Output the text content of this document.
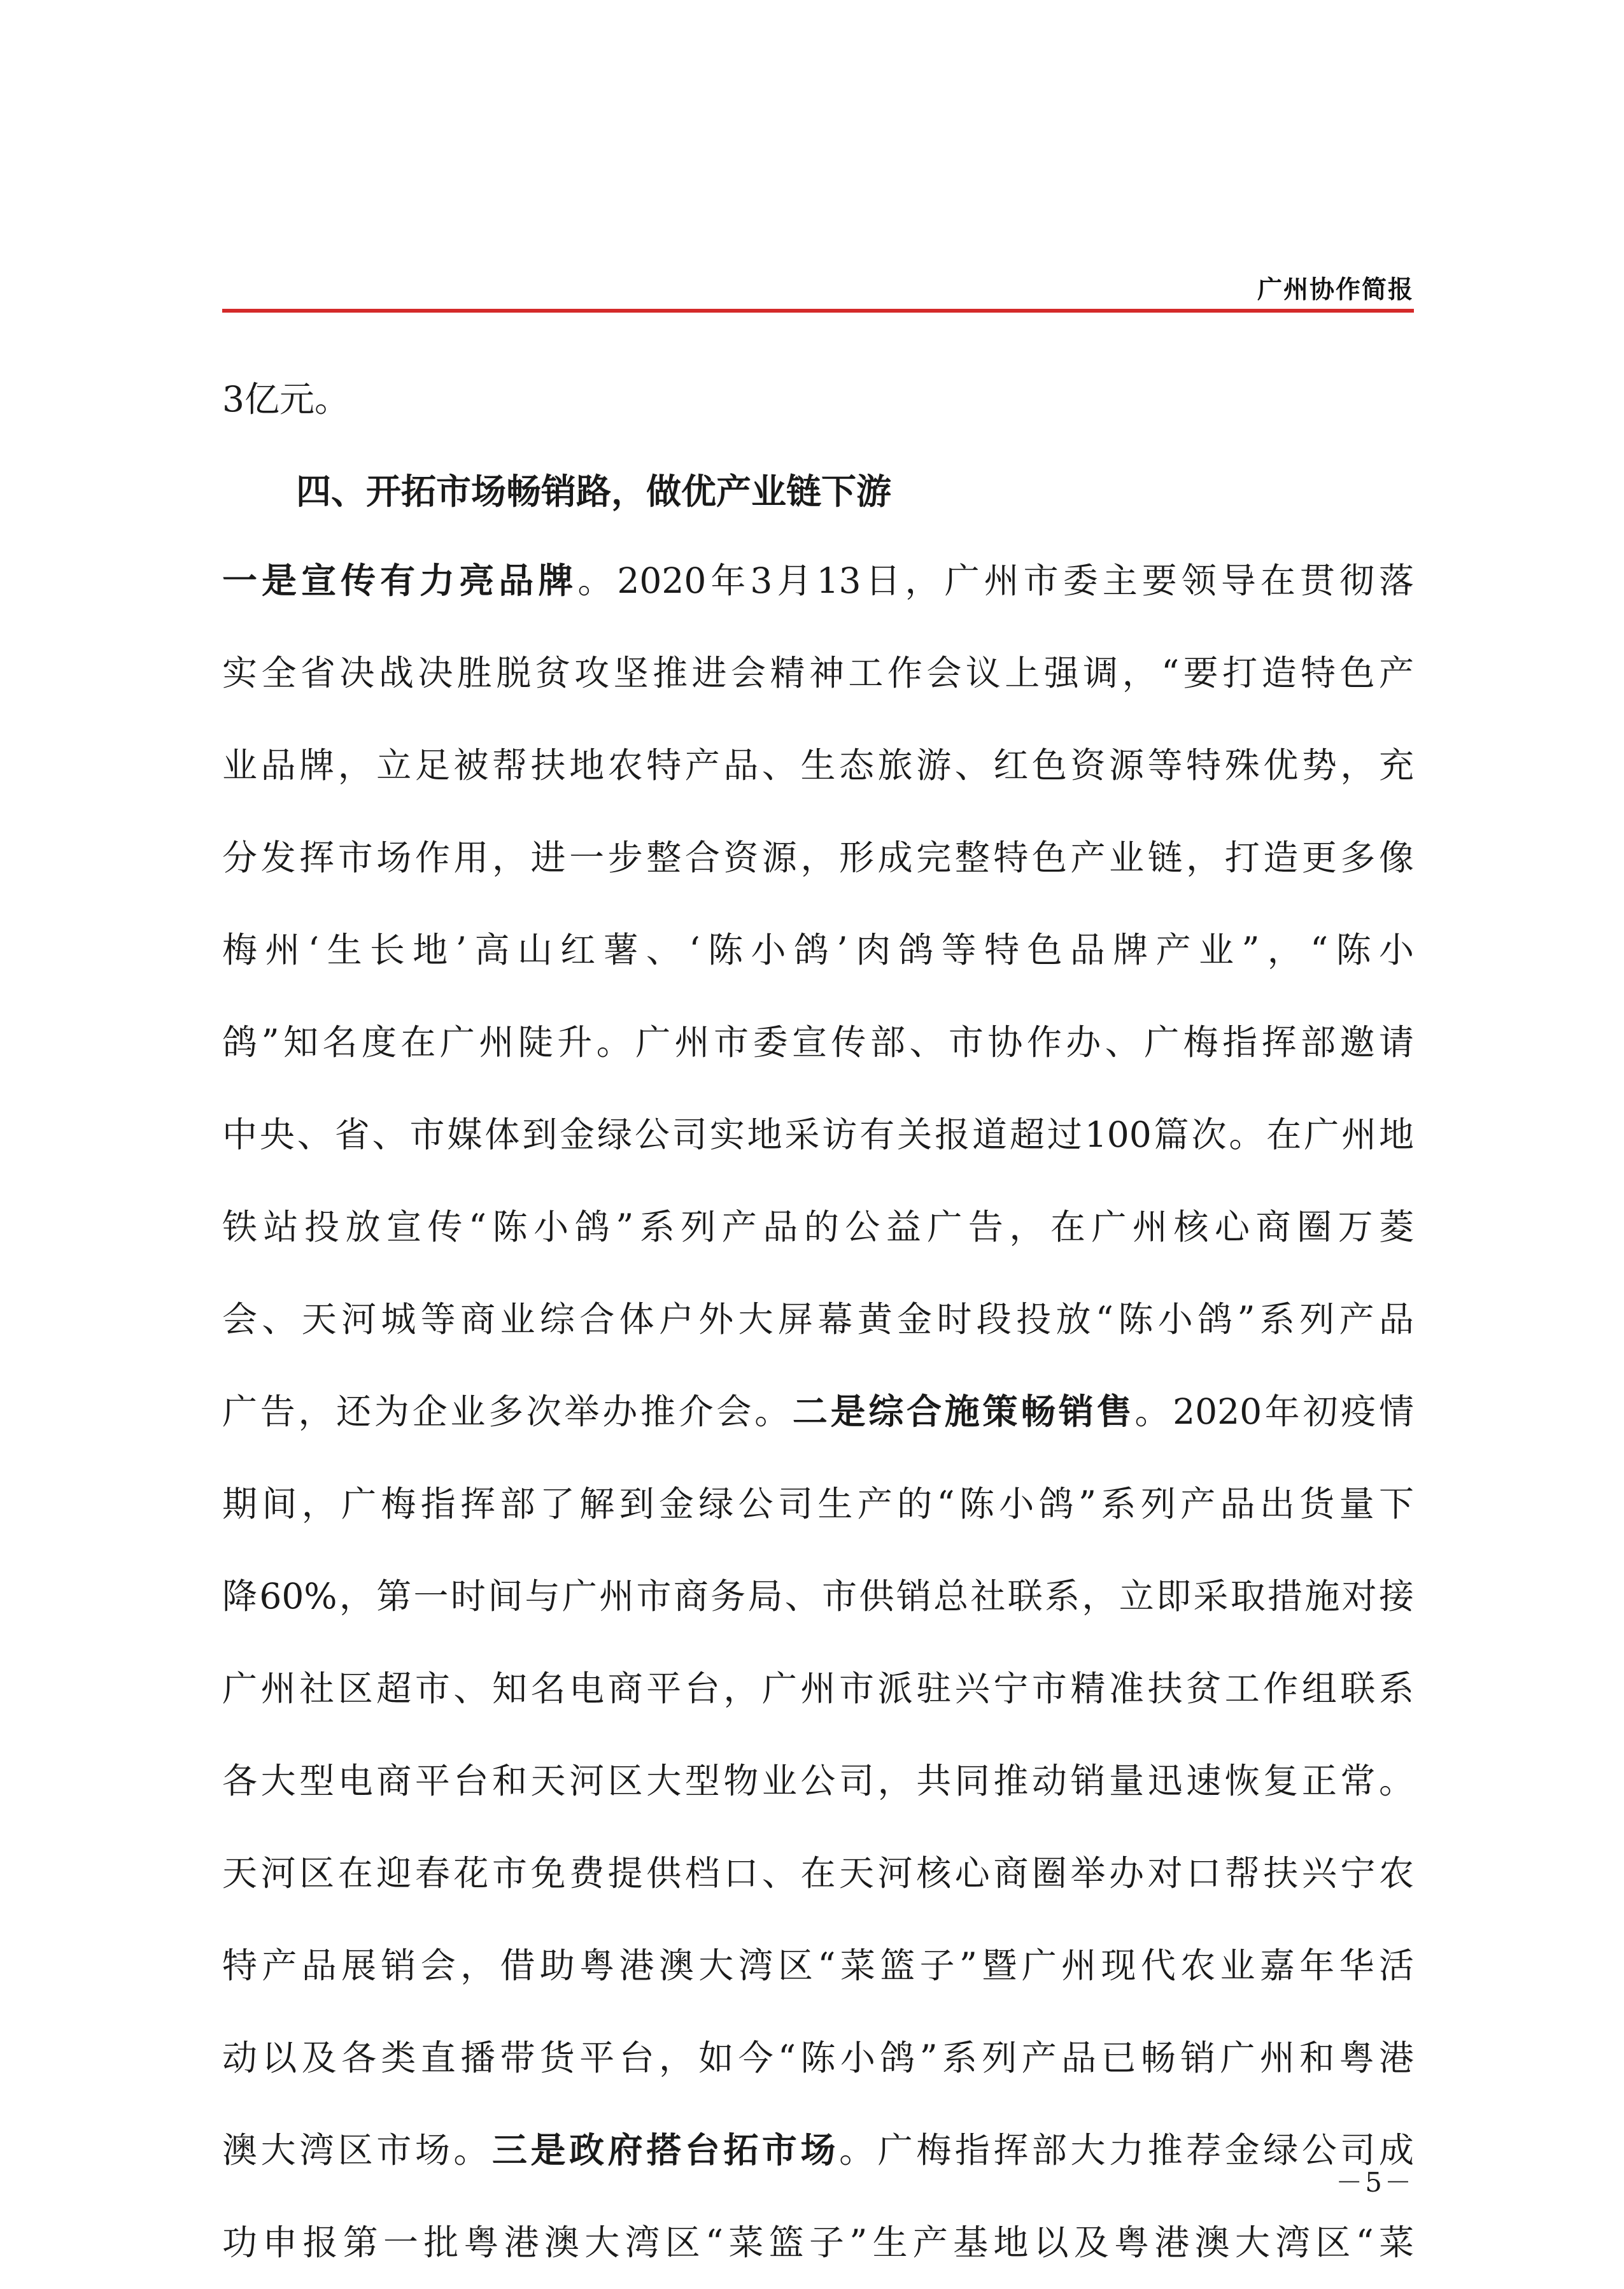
广州协作简报
3亿元。
四、开拓市场畅销路，做优产业链下游
一是宣传有力亮品牌。2020年3月13日，广州市委主要领导在贯彻落
实全省决战决胜脱贫攻坚推进会精神工作会议上强调，“要打造特色产
业品牌，立足被帮扶地农特产品、生态旅游、红色资源等特殊优势，充
分发挥市场作用，进一步整合资源，形成完整特色产业链，打造更多像
梅州‘生长地’高山红薯、‘陈小鸽’肉鸽等特色品牌产业”，“陈小
鸽”知名度在广州陡升。广州市委宣传部、市协作办、广梅指挥部邀请
中央、省、市媒体到金绿公司实地采访有关报道超过100篇次。在广州地
铁站投放宣传“陈小鸽”系列产品的公益广告，在广州核心商圈万菱
会、天河城等商业综合体户外大屏幕黄金时段投放“陈小鸽”系列产品
广告，还为企业多次举办推介会。二是综合施策畅销售。2020年初疫情
期间，广梅指挥部了解到金绿公司生产的“陈小鸽”系列产品出货量下
降60%，第一时间与广州市商务局、市供销总社联系，立即采取措施对接
广州社区超市、知名电商平台，广州市派驻兴宁市精准扶贫工作组联系
各大型电商平台和天河区大型物业公司，共同推动销量迅速恢复正常。
天河区在迎春花市免费提供档口、在天河核心商圈举办对口帮扶兴宁农
特产品展销会，借助粤港澳大湾区“菜篮子”暨广州现代农业嘉年华活
动以及各类直播带货平台，如今“陈小鸽”系列产品已畅销广州和粤港
澳大湾区市场。三是政府搭台拓市场。广梅指挥部大力推荐金绿公司成
功申报第一批粤港澳大湾区“菜篮子”生产基地以及粤港澳大湾区“菜
－5－
